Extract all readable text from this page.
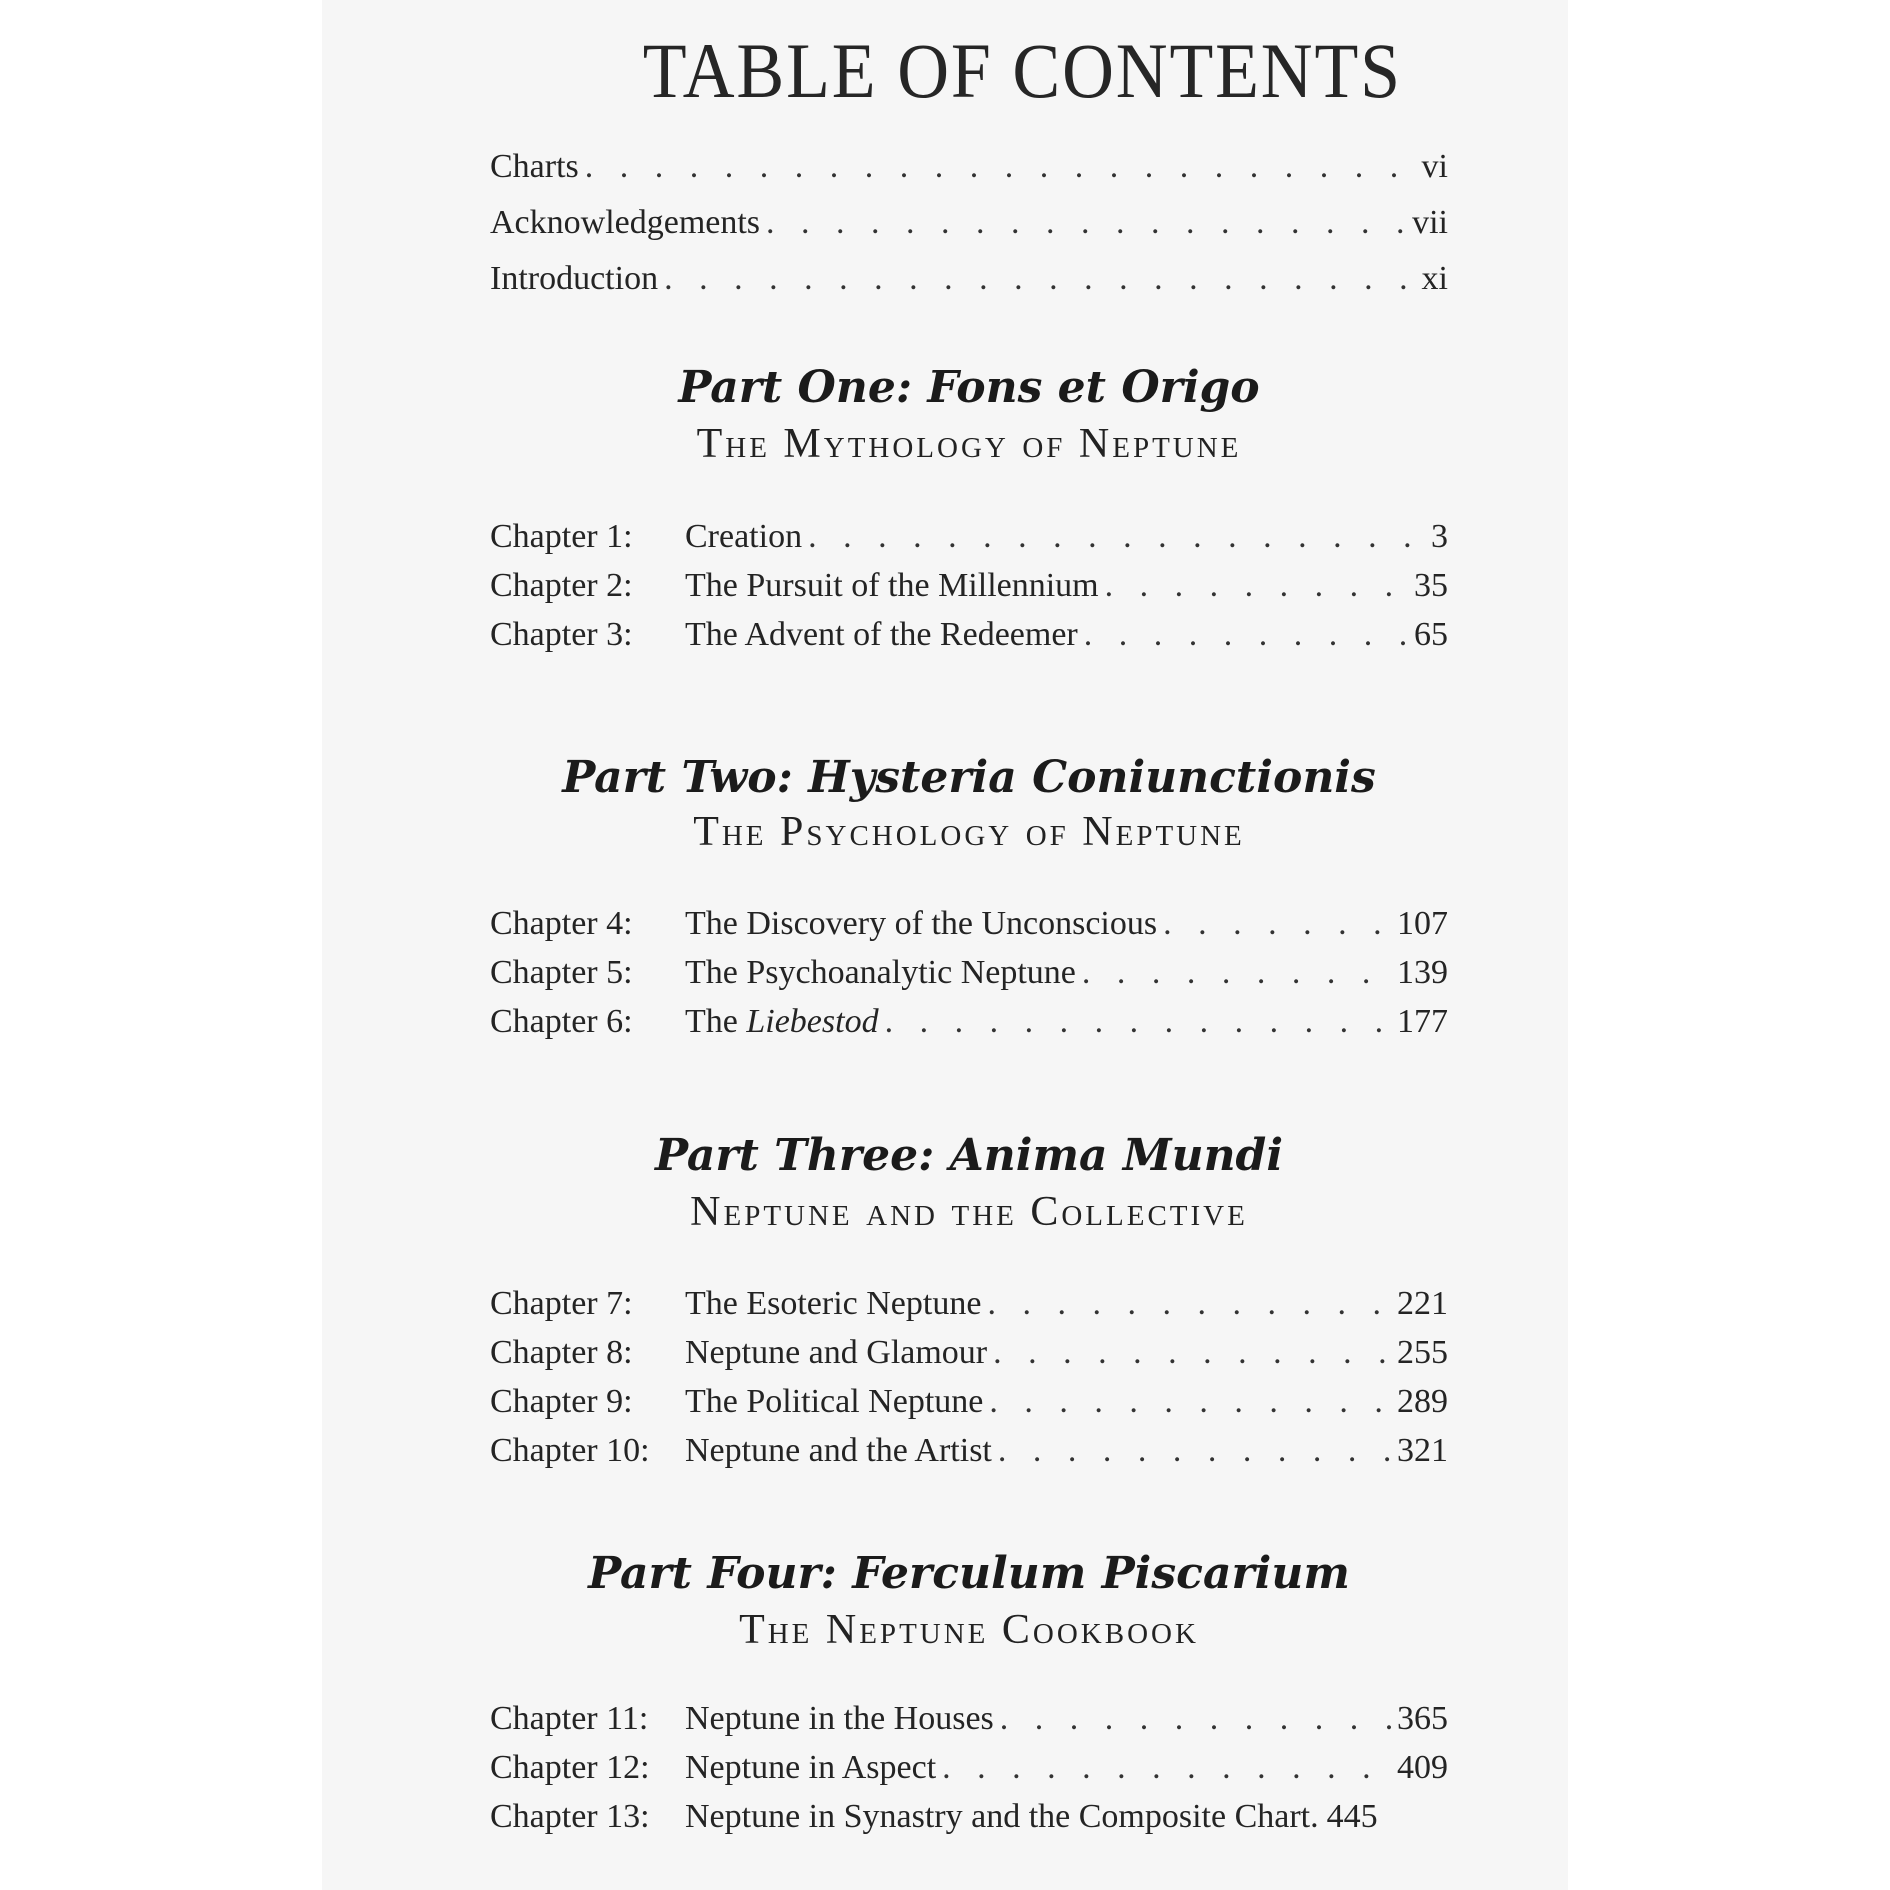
TABLE OF CONTENTS
Charts . . .	vi
Acknowledgements . . .	vii
Introduction . . .	xi
Part One: Fons et Origo
The Mythology of Neptune
Chapter 1: Creation . . .	3
Chapter 2: The Pursuit of the Millennium . . .	35
Chapter 3: The Advent of the Redeemer . . .	65
Part Two: Hysteria Coniunctionis
The Psychology of Neptune
Chapter 4: The Discovery of the Unconscious . . .	107
Chapter 5: The Psychoanalytic Neptune . . .	139
Chapter 6: The Liebestod . . .	177
Part Three: Anima Mundi
Neptune and the Collective
Chapter 7: The Esoteric Neptune . . .	221
Chapter 8: Neptune and Glamour . . .	255
Chapter 9: The Political Neptune . . .	289
Chapter 10: Neptune and the Artist . . .	321
Part Four: Ferculum Piscarium
The Neptune Cookbook
Chapter 11: Neptune in the Houses . . .	365
Chapter 12: Neptune in Aspect . . .	409
Chapter 13: Neptune in Synastry and the Composite Chart. 445
